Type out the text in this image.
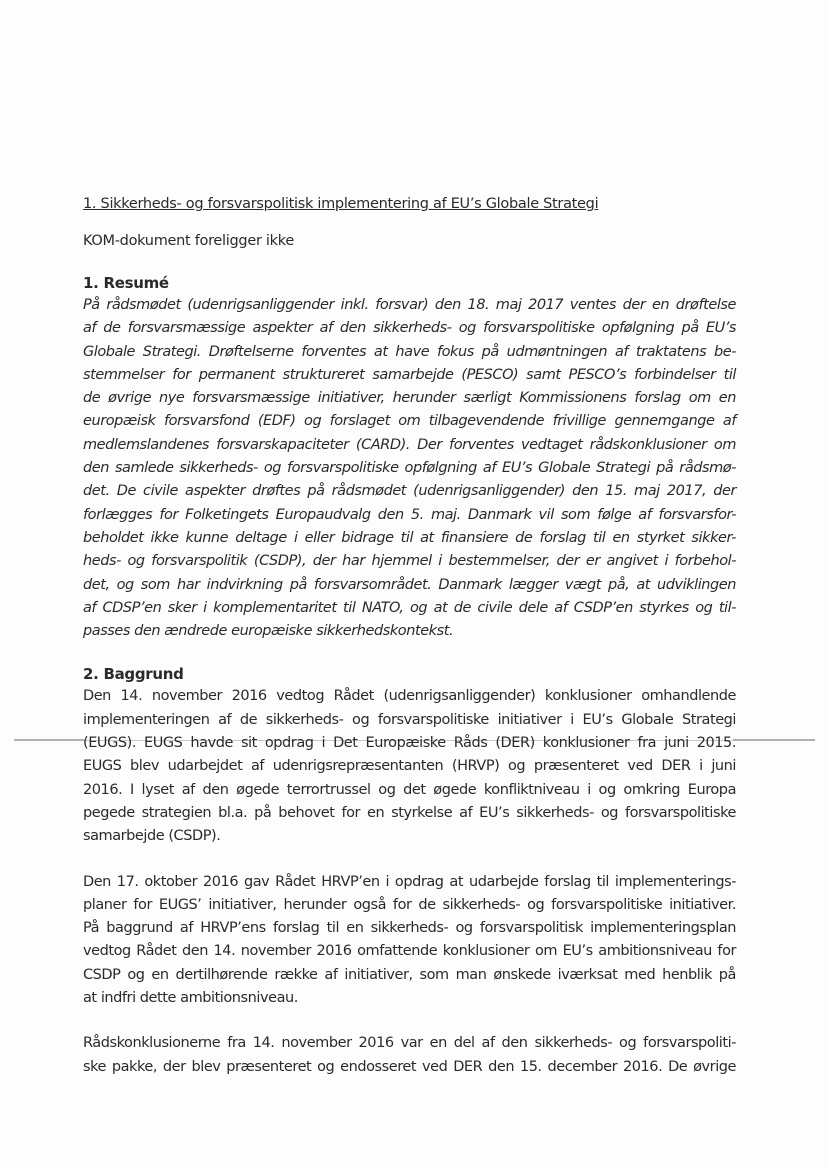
1. Sikkerheds- og forsvarspolitisk implementering af EU’s Globale Strategi

KOM-dokument foreligger ikke

1. Resumé
På rådsmødet (udenrigsanliggender inkl. forsvar) den 18. maj 2017 ventes der en drøftelse
af de forsvarsmæssige aspekter af den sikkerheds- og forsvarspolitiske opfølgning på EU’s
Globale Strategi. Drøftelserne forventes at have fokus på udmøntningen af traktatens be-
stemmelser for permanent struktureret samarbejde (PESCO) samt PESCO’s forbindelser til
de øvrige nye forsvarsmæssige initiativer, herunder særligt Kommissionens forslag om en
europæisk forsvarsfond (EDF) og forslaget om tilbagevendende frivillige gennemgange af
medlemslandenes forsvarskapaciteter (CARD). Der forventes vedtaget rådskonklusioner om
den samlede sikkerheds- og forsvarspolitiske opfølgning af EU’s Globale Strategi på rådsmø-
det. De civile aspekter drøftes på rådsmødet (udenrigsanliggender) den 15. maj 2017, der
forlægges for Folketingets Europaudvalg den 5. maj. Danmark vil som følge af forsvarsfor-
beholdet ikke kunne deltage i eller bidrage til at finansiere de forslag til en styrket sikker-
heds- og forsvarspolitik (CSDP), der har hjemmel i bestemmelser, der er angivet i forbehol-
det, og som har indvirkning på forsvarsområdet. Danmark lægger vægt på, at udviklingen
af CDSP’en sker i komplementaritet til NATO, og at de civile dele af CSDP’en styrkes og til-
passes den ændrede europæiske sikkerhedskontekst.
2. Baggrund
Den 14. november 2016 vedtog Rådet (udenrigsanliggender) konklusioner omhandlende
implementeringen af de sikkerheds- og forsvarspolitiske initiativer i EU’s Globale Strategi
(EUGS). EUGS havde sit opdrag i Det Europæiske Råds (DER) konklusioner fra juni 2015.
EUGS blev udarbejdet af udenrigsrepræsentanten (HRVP) og præsenteret ved DER i juni
2016. I lyset af den øgede terrortrussel og det øgede konfliktniveau i og omkring Europa
pegede strategien bl.a. på behovet for en styrkelse af EU’s sikkerheds- og forsvarspolitiske
samarbejde (CSDP).
Den 17. oktober 2016 gav Rådet HRVP’en i opdrag at udarbejde forslag til implementerings-
planer for EUGS’ initiativer, herunder også for de sikkerheds- og forsvarspolitiske initiativer.
På baggrund af HRVP’ens forslag til en sikkerheds- og forsvarspolitisk implementeringsplan
vedtog Rådet den 14. november 2016 omfattende konklusioner om EU’s ambitionsniveau for
CSDP og en dertilhørende række af initiativer, som man ønskede iværksat med henblik på
at indfri dette ambitionsniveau.
Rådskonklusionerne fra 14. november 2016 var en del af den sikkerheds- og forsvarspoliti-
ske pakke, der blev præsenteret og endosseret ved DER den 15. december 2016. De øvrige
